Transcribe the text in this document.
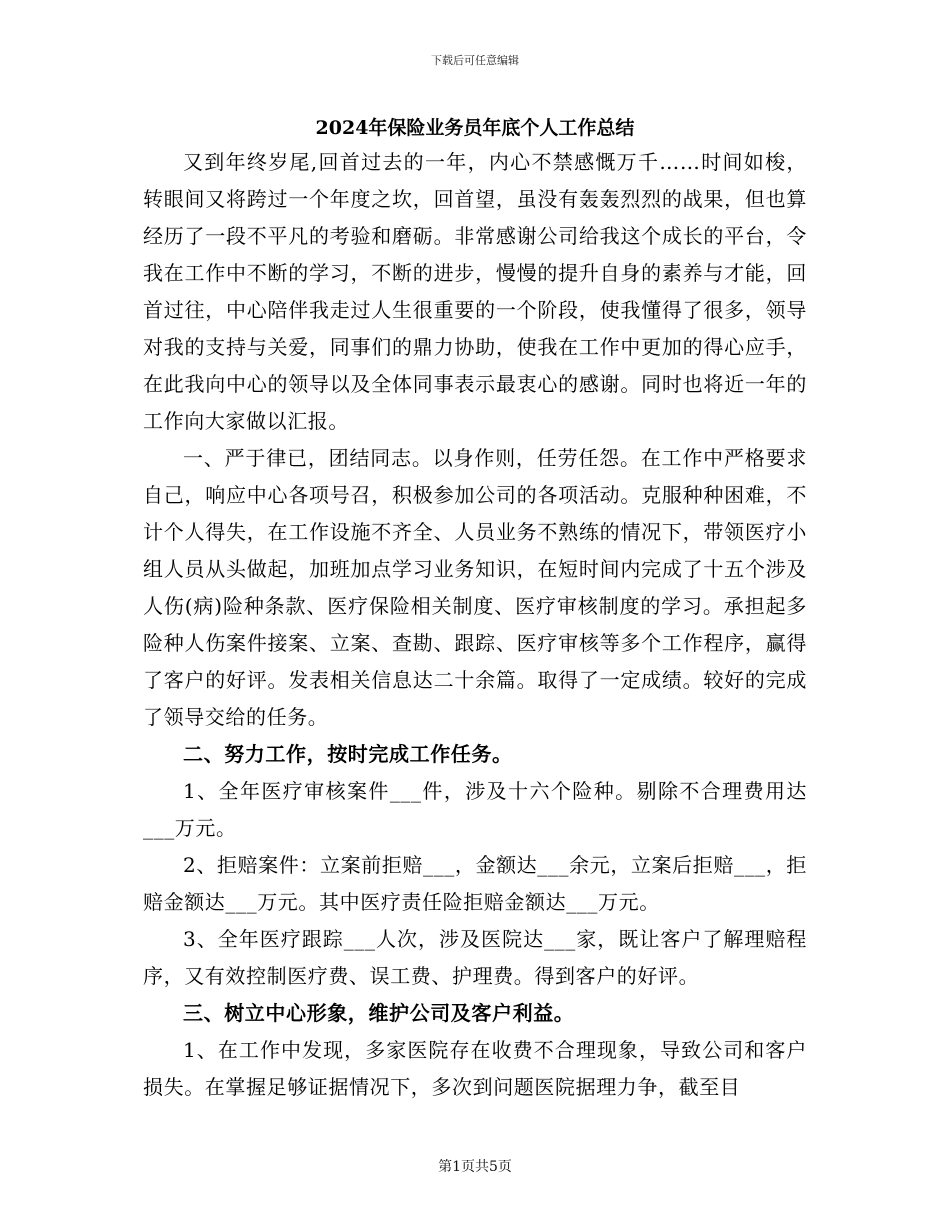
下载后可任意编辑
2024年保险业务员年底个人工作总结

又到年终岁尾,回首过去的一年，内心不禁感慨万千……时间如梭，转眼间又将跨过一个年度之坎，回首望，虽没有轰轰烈烈的战果，但也算经历了一段不平凡的考验和磨砺。非常感谢公司给我这个成长的平台，令我在工作中不断的学习，不断的进步，慢慢的提升自身的素养与才能，回首过往，中心陪伴我走过人生很重要的一个阶段，使我懂得了很多，领导对我的支持与关爱，同事们的鼎力协助，使我在工作中更加的得心应手，在此我向中心的领导以及全体同事表示最衷心的感谢。同时也将近一年的工作向大家做以汇报。

一、严于律已，团结同志。以身作则，任劳任怨。在工作中严格要求自己，响应中心各项号召，积极参加公司的各项活动。克服种种困难，不计个人得失，在工作设施不齐全、人员业务不熟练的情况下，带领医疗小组人员从头做起，加班加点学习业务知识，在短时间内完成了十五个涉及人伤(病)险种条款、医疗保险相关制度、医疗审核制度的学习。承担起多险种人伤案件接案、立案、查勘、跟踪、医疗审核等多个工作程序，赢得了客户的好评。发表相关信息达二十余篇。取得了一定成绩。较好的完成了领导交给的任务。

二、努力工作，按时完成工作任务。

1、全年医疗审核案件___件，涉及十六个险种。剔除不合理费用达___万元。

2、拒赔案件：立案前拒赔___，金额达___余元，立案后拒赔___，拒赔金额达___万元。其中医疗责任险拒赔金额达___万元。

3、全年医疗跟踪___人次，涉及医院达___家，既让客户了解理赔程序，又有效控制医疗费、误工费、护理费。得到客户的好评。

三、树立中心形象，维护公司及客户利益。

1、在工作中发现，多家医院存在收费不合理现象，导致公司和客户损失。在掌握足够证据情况下，多次到问题医院据理力争，截至目

第1页共5页
